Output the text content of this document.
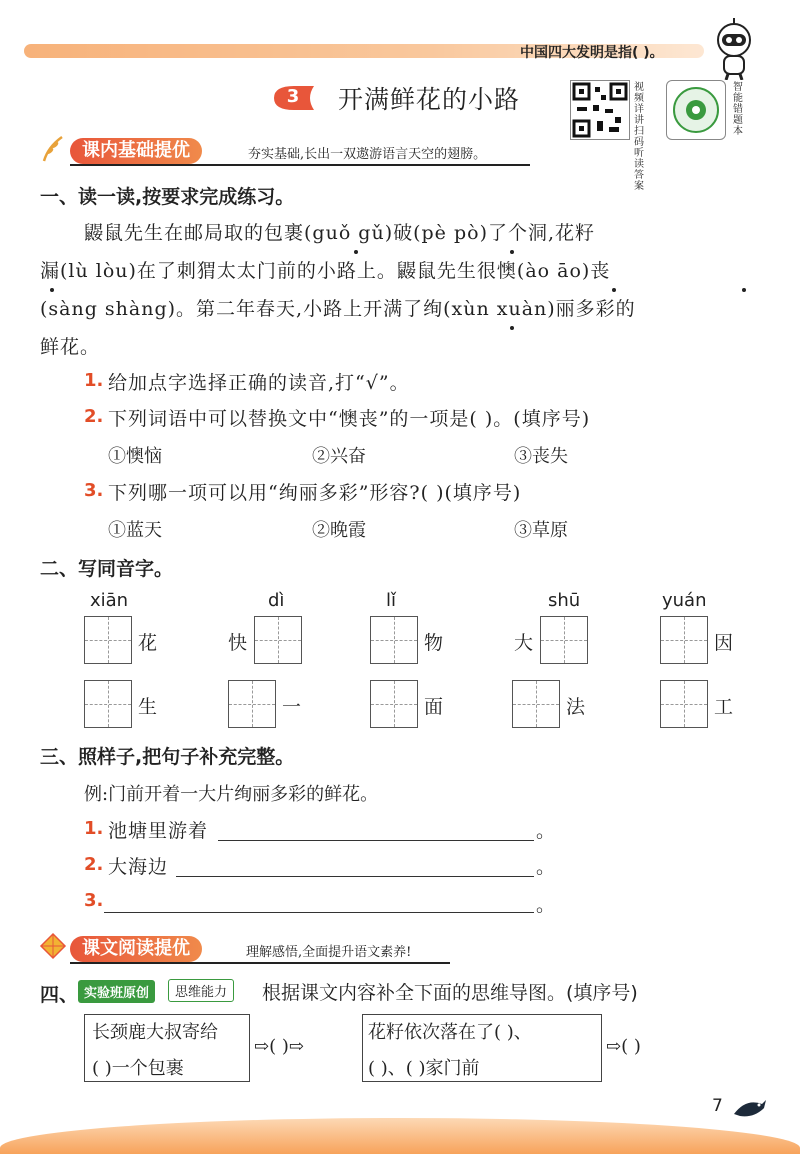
中国四大发明是指( )。
3 开满鲜花的小路	视频详讲扫码听读答案
智能错题本
课内基础提优	夯实基础,长出一双遨游语言天空的翅膀。
一、读一读,按要求完成练习。
鼹鼠先生在邮局取的包裹(guǒ gǔ)破(pè pò)了个洞,花籽
漏(lù lòu)在了刺猬太太门前的小路上。鼹鼠先生很懊(ào āo)丧
(sàng shàng)。第二年春天,小路上开满了绚(xùn xuàn)丽多彩的
鲜花。
1. 给加点字选择正确的读音,打“√”。
2. 下列词语中可以替换文中“懊丧”的一项是( )。(填序号)
①懊恼	②兴奋	③丧失
3. 下列哪一项可以用“绚丽多彩”形容?( )(填序号)
①蓝天	②晚霞	③草原
二、写同音字。
xiān	dì	lǐ	shū	yuán
花	快	物	大	因
生	一	面	法	工
三、照样子,把句子补充完整。
例:门前开着一大片绚丽多彩的鲜花。
1. 池塘里游着	。
2. 大海边	。
3.	。
课文阅读提优	理解感悟,全面提升语文素养!
四、 实验班原创	思维能力	根据课文内容补全下面的思维导图。(填序号)
长颈鹿大叔寄给
( )一个包裹
⇨( )⇨
花籽依次落在了( )、
( )、( )家门前
⇨( )
7
